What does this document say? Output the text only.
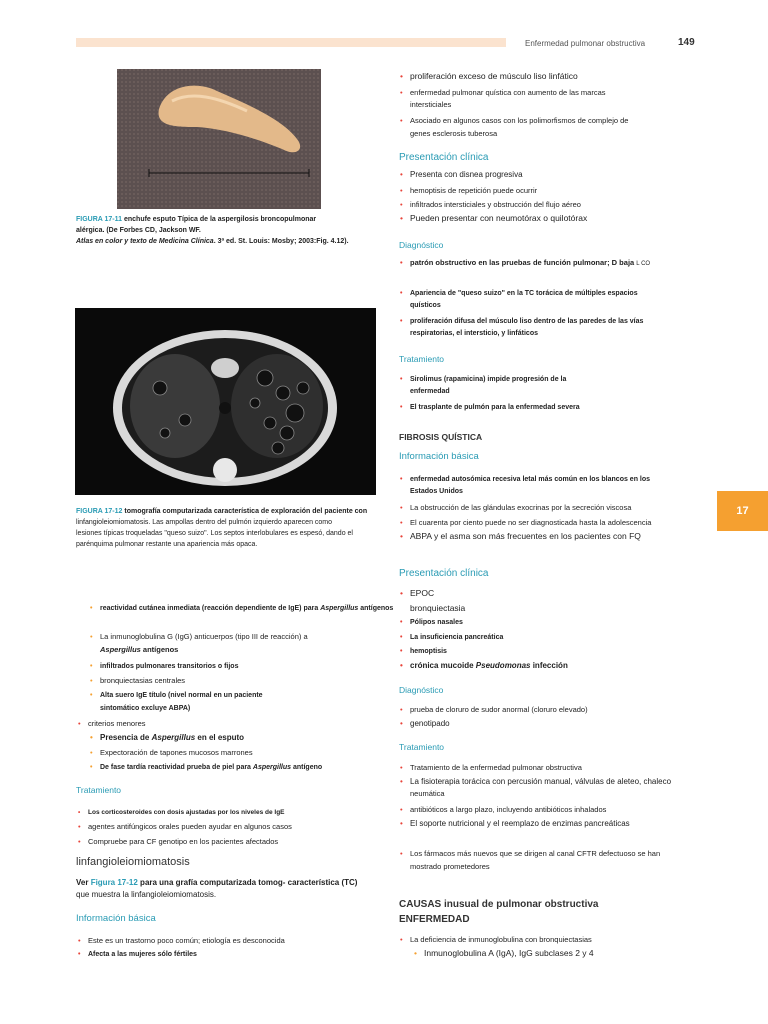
Enfermedad pulmonar obstructiva	149
17
FIGURA 17-11 enchufe esputo Típica de la aspergilosis broncopulmonar
alérgica. (De Forbes CD, Jackson WF.
Atlas en color y texto de Medicina Clínica. 3ª ed. St. Louis: Mosby; 2003:Fig. 4.12).
FIGURA 17-12 tomografía computarizada característica de exploración del paciente con
linfangioleiomiomatosis. Las ampollas dentro del pulmón izquierdo aparecen como
lesiones típicas troqueladas "queso suizo". Los septos interlobulares es espesó, dando el
parénquima pulmonar restante una apariencia más opaca.
• proliferación exceso de músculo liso linfático
• enfermedad pulmonar quística con aumento de las marcas
intersticiales
• Asociado en algunos casos con los polimorfismos de complejo de
genes esclerosis tuberosa
Presentación clínica
• Presenta con disnea progresiva
• hemoptisis de repetición puede ocurrir
• infiltrados intersticiales y obstrucción del flujo aéreo
• Pueden presentar con neumotórax o quilotórax
Diagnóstico
• patrón obstructivo en las pruebas de función pulmonar; D baja L CO
• Apariencia de "queso suizo" en la TC torácica de múltiples espacios
quísticos
• proliferación difusa del músculo liso dentro de las paredes de las vías
respiratorias, el intersticio, y linfáticos
Tratamiento
• Sirolimus (rapamicina) impide progresión de la
enfermedad
• El trasplante de pulmón para la enfermedad severa
FIBROSIS QUÍSTICA
Información básica
• enfermedad autosómica recesiva letal más común en los blancos en los
Estados Unidos
• La obstrucción de las glándulas exocrinas por la secreción viscosa
• El cuarenta por ciento puede no ser diagnosticada hasta la adolescencia
• ABPA y el asma son más frecuentes en los pacientes con FQ
Presentación clínica
• EPOC
bronquiectasia
• Pólipos nasales
• La insuficiencia pancreática
• hemoptisis
• crónica mucoide Pseudomonas infección
Diagnóstico
• prueba de cloruro de sudor anormal (cloruro elevado)
• genotipado
Tratamiento
• Tratamiento de la enfermedad pulmonar obstructiva
• La fisioterapia torácica con percusión manual, válvulas de aleteo, chaleco
neumática
• antibióticos a largo plazo, incluyendo antibióticos inhalados
• El soporte nutricional y el reemplazo de enzimas pancreáticas
• Los fármacos más nuevos que se dirigen al canal CFTR defectuoso se han
mostrado prometedores
CAUSAS inusual de pulmonar obstructiva
ENFERMEDAD
• La deficiencia de inmunoglobulina con bronquiectasias
• Inmunoglobulina A (IgA), IgG subclases 2 y 4
• reactividad cutánea inmediata (reacción dependiente de IgE) para Aspergillus antígenos
• La inmunoglobulina G (IgG) anticuerpos (tipo III de reacción) a
Aspergillus antígenos
• infiltrados pulmonares transitorios o fijos
• bronquiectasias centrales
• Alta suero IgE título (nivel normal en un paciente
sintomático excluye ABPA)
• criterios menores
• Presencia de Aspergillus en el esputo
• Expectoración de tapones mucosos marrones
• De fase tardía reactividad prueba de piel para Aspergillus antígeno
Tratamiento
• Los corticosteroides con dosis ajustadas por los niveles de IgE
• agentes antifúngicos orales pueden ayudar en algunos casos
• Compruebe para CF genotipo en los pacientes afectados
linfangioleiomiomatosis
Ver Figura 17-12 para una grafía computarizada tomog- característica (TC)
que muestra la linfangioleiomiomatosis.
Información básica
• Este es un trastorno poco común; etiología es desconocida
• Afecta a las mujeres sólo fértiles
